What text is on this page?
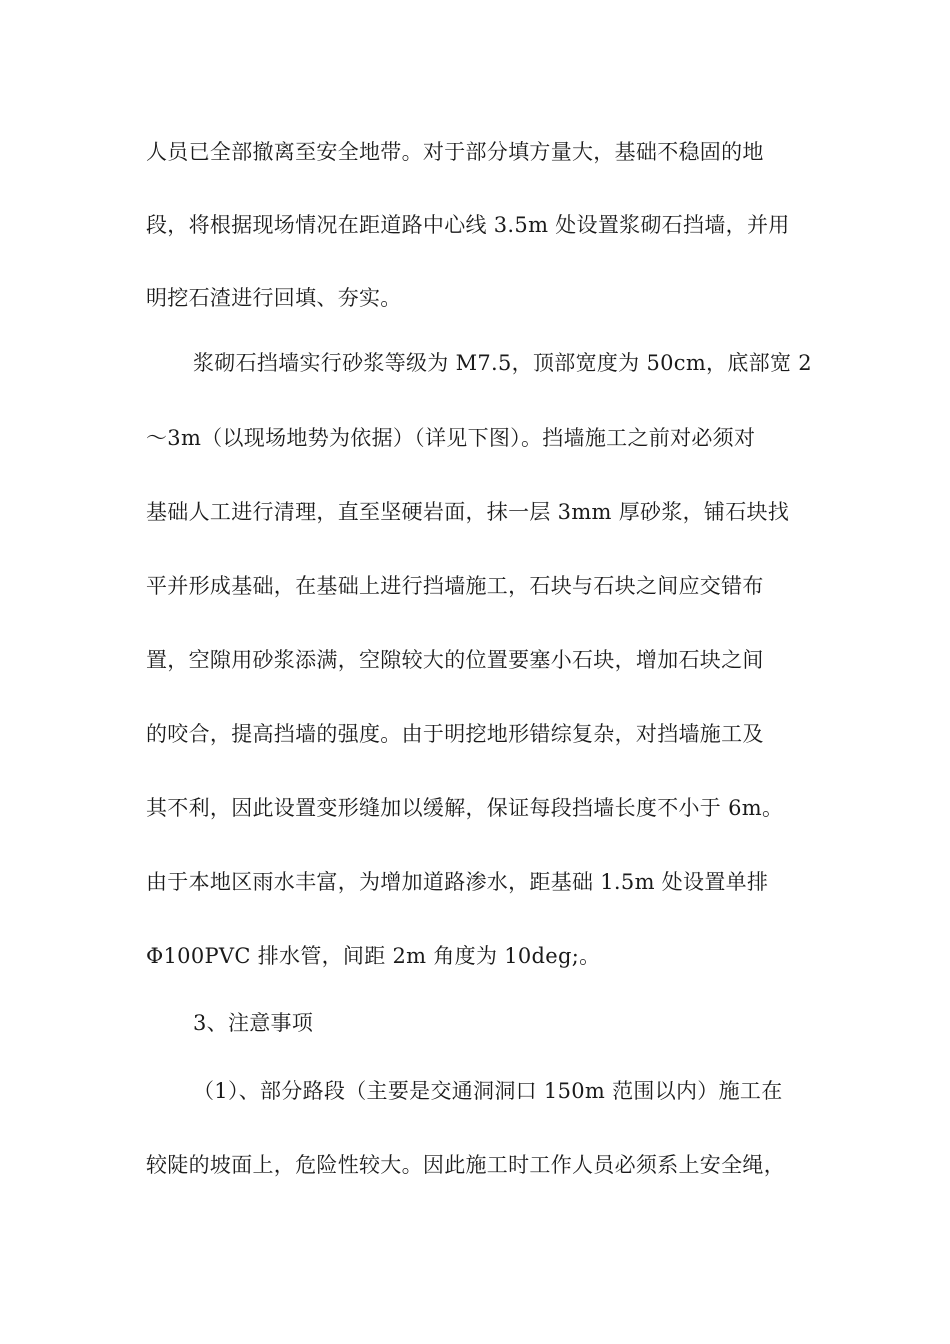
人员已全部撤离至安全地带。对于部分填方量大，基础不稳固的地
段，将根据现场情况在距道路中心线 3.5m 处设置浆砌石挡墙，并用
明挖石渣进行回填、夯实。
浆砌石挡墙实行砂浆等级为 M7.5，顶部宽度为 50cm，底部宽 2
～3m（以现场地势为依据）（详见下图）。挡墙施工之前对必须对
基础人工进行清理，直至坚硬岩面，抹一层 3mm 厚砂浆，铺石块找
平并形成基础，在基础上进行挡墙施工，石块与石块之间应交错布
置，空隙用砂浆添满，空隙较大的位置要塞小石块，增加石块之间
的咬合，提高挡墙的强度。由于明挖地形错综复杂，对挡墙施工及
其不利，因此设置变形缝加以缓解，保证每段挡墙长度不小于 6m。
由于本地区雨水丰富，为增加道路渗水，距基础 1.5m 处设置单排
Φ100PVC 排水管，间距 2m 角度为 10deg;。
3、注意事项
（1）、部分路段（主要是交通洞洞口 150m 范围以内）施工在
较陡的坡面上，危险性较大。因此施工时工作人员必须系上安全绳，
